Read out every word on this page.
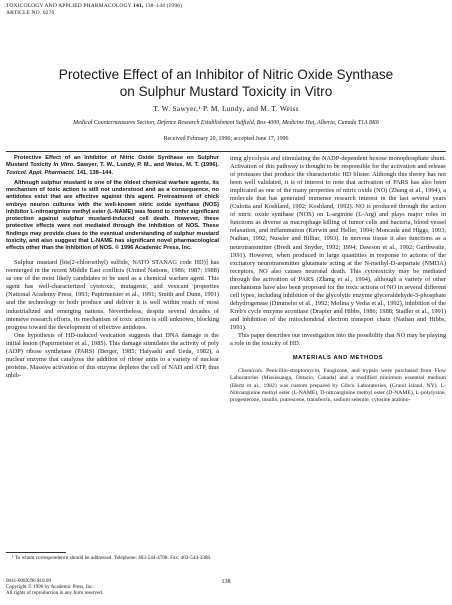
TOXICOLOGY AND APPLIED PHARMACOLOGY 141, 138–144 (1996)
ARTICLE NO. 0270
Protective Effect of an Inhibitor of Nitric Oxide Synthase
on Sulphur Mustard Toxicity in Vitro
T. W. Sawyer,¹ P. M. Lundy, and M. T. Weiss
Medical Countermeasures Section, Defence Research Establishment Suffield, Box 4000, Medicine Hat, Alberta, Canada T1A 8K6
Received February 20, 1996; accepted June 17, 1996

Protective Effect of an Inhibitor of Nitric Oxide Synthase on Sulphur Mustard Toxicity In Vitro. Sawyer, T. W., Lundy, P. M., and Weiss, M. T. (1996). Toxicol. Appl. Pharmacol. 141, 138–144.

Although sulphur mustard is one of the oldest chemical warfare agents, its mechanism of toxic action is still not understood and as a consequence, no antidotes exist that are effective against this agent. Pretreatment of chick embryo neuron cultures with the well-known nitric oxide synthase (NOS) inhibitor L-nitroarginine methyl ester (L-NAME) was found to confer significant protection against sulphur mustard-induced cell death. However, these protective effects were not mediated through the inhibition of NOS. These findings may provide clues to the eventual understanding of sulphur mustard toxicity, and also suggest that L-NAME has significant novel pharmacological effects other than the inhibition of NOS. © 1996 Academic Press, Inc.

Sulphur mustard [bis(2-chloroethyl) sulfide, NATO STANAG code HD)] has reemerged in the recent Middle East conflicts (United Nations, 1986; 1987; 1988) as one of the most likely candidates to be used as a chemical warfare agent. This agent has well-characterized cytotoxic, mutagenic, and vesicant properties (National Academy Press, 1993; Papirmeister et al., 1991; Smith and Dunn, 1991) and the technology to both produce and deliver it is well within reach of most industrialized and emerging nations. Nevertheless, despite several decades of intensive research efforts, its mechanism of toxic action is still unknown, blocking progress toward the development of effective antidotes.

One hypothesis of HD-induced vesication suggests that DNA damage is the initial lesion (Papirmeister et al., 1985). This damage stimulates the activity of poly (ADP) ribose synthetase (PARS) (Berger, 1985; Haiyashi and Ueda, 1982), a nuclear enzyme that catalyzes the addition of ribose units to a variety of nuclear proteins. Massive activation of this enzyme depletes the cell of NAD and ATP, thus inhib-

iting glycolysis and stimulating the NADP-dependent hexose monophosphate shunt. Activation of this pathway is thought to be responsible for the activation and release of proteases that produce the characteristic HD blister. Although this theory has not been well validated, it is of interest to note that activation of PARS has also been implicated as one of the many properties of nitric oxide (NO) (Zhang et al., 1994), a molecule that has generated immense research interest in the last several years (Culotta and Koshland, 1992; Koshland, 1992). NO is produced through the action of nitric oxide synthase (NOS) on L-arginine (L-Arg) and plays major roles in functions as diverse as macrophage killing of tumor cells and bacteria, blood vessel relaxation, and inflammation (Kerwin and Heller, 1994; Moncada and Higgs, 1993; Nathan, 1992; Nussler and Billiar, 1993). In nervous tissue it also functions as a neurotransmitter (Bredt and Snyder, 1992; 1994; Dawson et al., 1992; Garthwaite, 1991). However, when produced in large quantities in response to actions of the excitatory neurotransmitter glutamate acting at the N-methyl-D-aspartate (NMDA) receptors, NO also causes neuronal death. This cytotoxicity may be mediated through the activation of PARS (Zhang et al., 1994), although a variety of other mechanisms have also been proposed for the toxic actions of NO in several different cell types, including inhibition of the glycolytic enzyme glyceraldehyde-3-phosphate dehydrogenase (Dimmeler et al., 1992; Molina y Vedia et al., 1992), inhibition of the Kreb's cycle enzyme aconitase (Drapier and Hibbs, 1986; 1988; Stadler et al., 1991) and inhibition of the mitochondrial electron transport chain (Nathan and Hibbs, 1991).

This paper describes our investigation into the possibility that NO may be playing a role in the toxicity of HD.

MATERIALS AND METHODS

Chemicals. Penicillin-streptomycin, Fungizone, and trypsin were purchased from Flow Laboratories (Mississauga, Ontario, Canada) and a modified minimum essential medium (Hertz et al., 1982) was custom prepared by Gibco Laboratories, (Grand Island, NY). L-Nitroarginine methyl ester (L-NAME), D-nitroarginine methyl ester (D-NAME), L-polylysine, progesterone, insulin, putrescene, transferrin, sodium selenite, cytosine arabino-

¹ To whom correspondence should be addressed. Telephone: 403-544-4708. Fax: 403-544-3388.
0041-008X/96 $18.00
Copyright © 1996 by Academic Press, Inc.
All rights of reproduction in any form reserved.
138
